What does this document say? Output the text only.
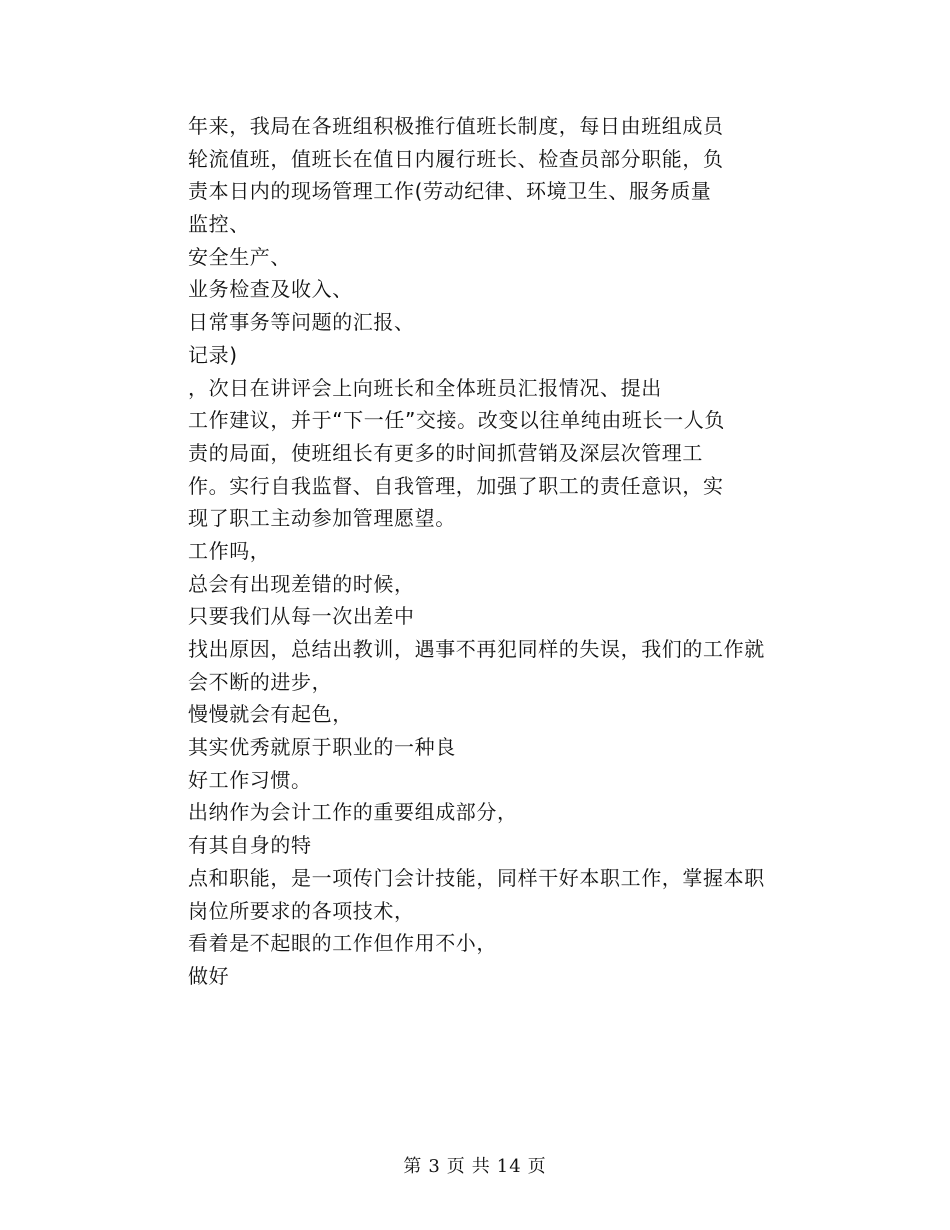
年来，我局在各班组积极推行值班长制度，每日由班组成员
轮流值班，值班长在值日内履行班长、检查员部分职能，负
责本日内的现场管理工作(劳动纪律、环境卫生、服务质量
监控、
安全生产、
业务检查及收入、
日常事务等问题的汇报、
记录)
，次日在讲评会上向班长和全体班员汇报情况、提出
工作建议，并于“下一任”交接。改变以往单纯由班长一人负
责的局面，使班组长有更多的时间抓营销及深层次管理工
作。实行自我监督、自我管理，加强了职工的责任意识，实
现了职工主动参加管理愿望。
工作吗，
总会有出现差错的时候，
只要我们从每一次出差中
找出原因，总结出教训，遇事不再犯同样的失误，我们的工作就
会不断的进步，
慢慢就会有起色，
其实优秀就原于职业的一种良
好工作习惯。
出纳作为会计工作的重要组成部分，
有其自身的特
点和职能，是一项传门会计技能，同样干好本职工作，掌握本职
岗位所要求的各项技术，
看着是不起眼的工作但作用不小，
做好
第 3 页 共 14 页
